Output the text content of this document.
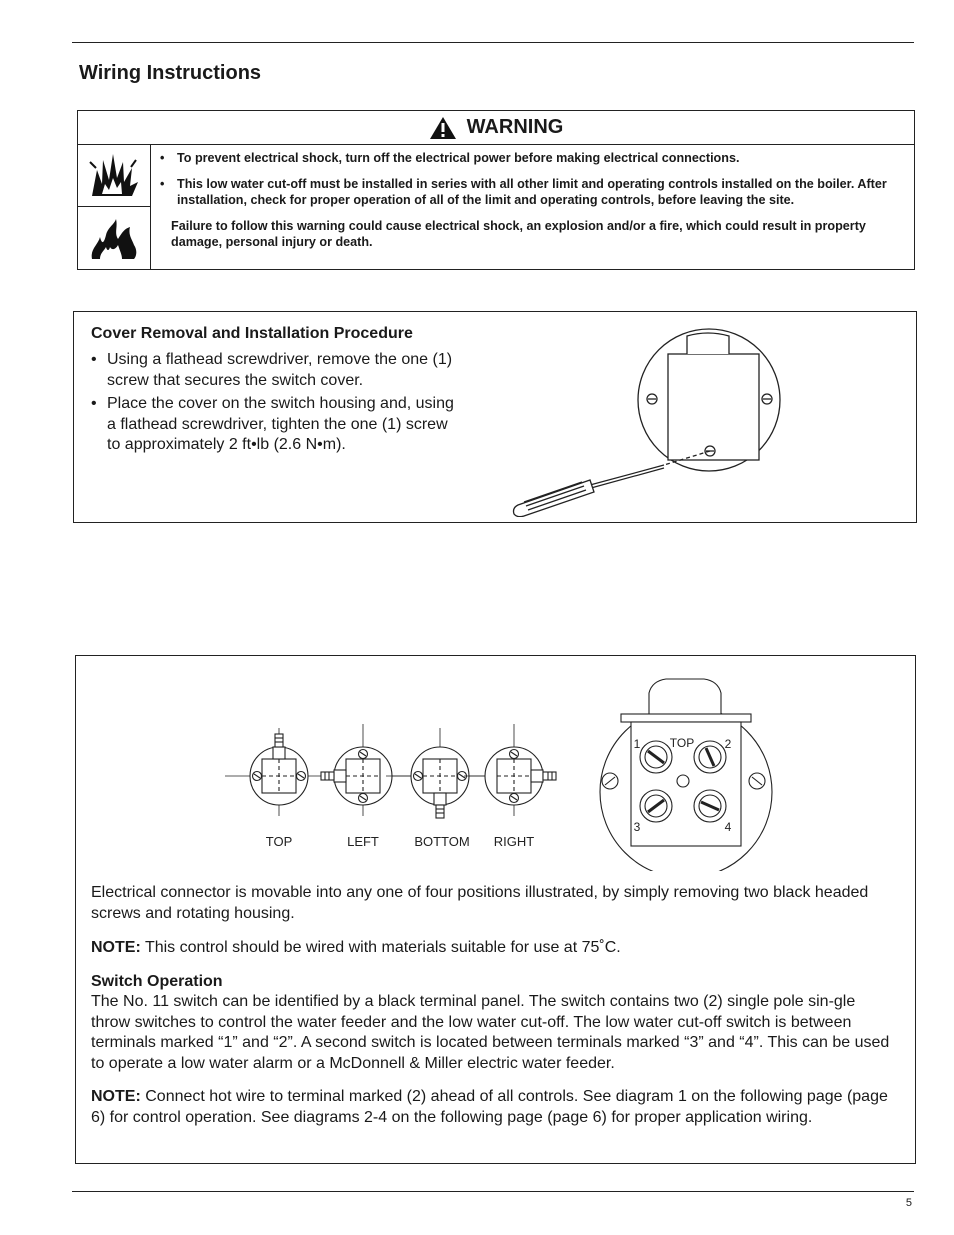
Wiring Instructions
WARNING
• To prevent electrical shock, turn off the electrical power before making electrical connections.
• This low water cut-off must be installed in series with all other limit and operating controls installed on the boiler. After installation, check for proper operation of all of the limit and operating controls, before leaving the site.
Failure to follow this warning could cause electrical shock, an explosion and/or a fire, which could result in property damage, personal injury or death.
Cover Removal and Installation Procedure
• Using a flathead screwdriver, remove the one (1) screw that secures the switch cover.
• Place the cover on the switch housing and, using a flathead screwdriver, tighten the one (1) screw to approximately 2 ft•lb (2.6 N•m).
TOP	LEFT	BOTTOM RIGHT
TOP
1	2
3	4

Electrical connector is movable into any one of four positions illustrated, by simply removing two black headed screws and rotating housing.

NOTE: This control should be wired with materials suitable for use at 75˚C.

Switch Operation

The No. 11 switch can be identified by a black terminal panel. The switch contains two (2) single pole sin-gle throw switches to control the water feeder and the low water cut-off. The low water cut-off switch is between terminals marked “1” and “2”. A second switch is located between terminals marked “3” and “4”. This can be used to operate a low water alarm or a McDonnell & Miller electric water feeder.

NOTE: Connect hot wire to terminal marked (2) ahead of all controls. See diagram 1 on the following page (page 6) for control operation. See diagrams 2-4 on the following page (page 6) for proper application wiring.

5
